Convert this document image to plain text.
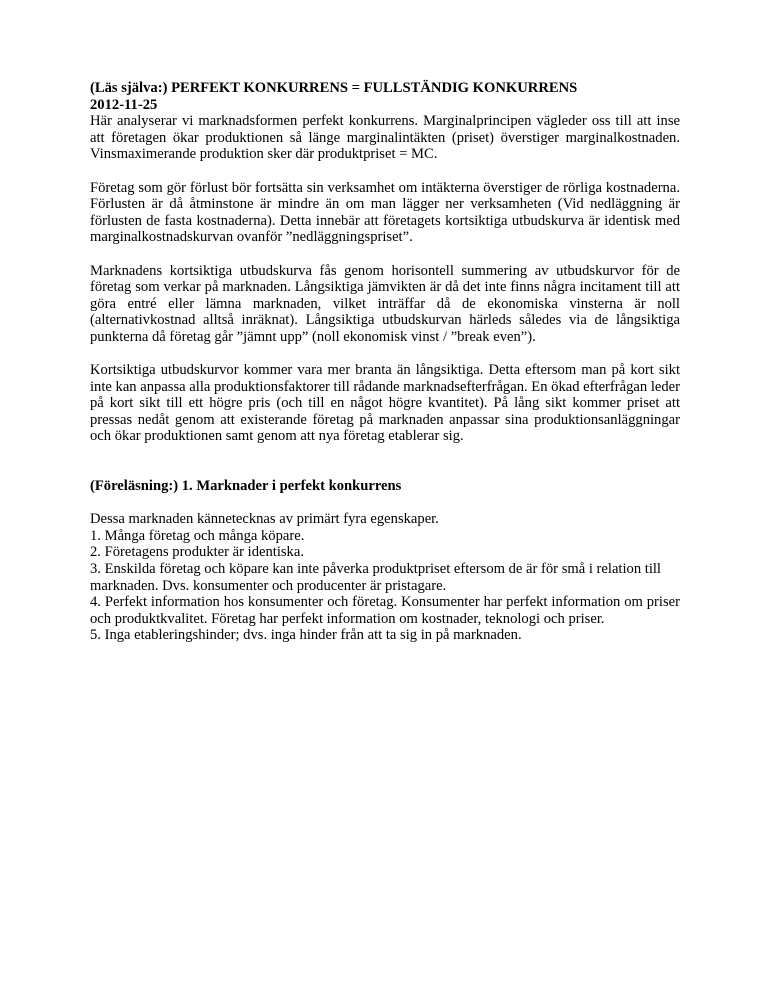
(Läs själva:) PERFEKT KONKURRENS = FULLSTÄNDIG KONKURRENS
2012-11-25

Här analyserar vi marknadsformen perfekt konkurrens. Marginalprincipen vägleder oss till att inse att företagen ökar produktionen så länge marginalintäkten (priset) överstiger marginalkostnaden. Vinsmaximerande produktion sker där produktpriset = MC.

Företag som gör förlust bör fortsätta sin verksamhet om intäkterna överstiger de rörliga kostnaderna. Förlusten är då åtminstone är mindre än om man lägger ner verksamheten (Vid nedläggning är förlusten de fasta kostnaderna). Detta innebär att företagets kortsiktiga utbudskurva är identisk med marginalkostnadskurvan ovanför ”nedläggningspriset”.

Marknadens kortsiktiga utbudskurva fås genom horisontell summering av utbudskurvor för de företag som verkar på marknaden. Långsiktiga jämvikten är då det inte finns några incitament till att göra entré eller lämna marknaden, vilket inträffar då de ekonomiska vinsterna är noll (alternativkostnad alltså inräknat). Långsiktiga utbudskurvan härleds således via de långsiktiga punkterna då företag går ”jämnt upp” (noll ekonomisk vinst / ”break even”).

Kortsiktiga utbudskurvor kommer vara mer branta än långsiktiga. Detta eftersom man på kort sikt inte kan anpassa alla produktionsfaktorer till rådande marknadsefterfrågan. En ökad efterfrågan leder på kort sikt till ett högre pris (och till en något högre kvantitet). På lång sikt kommer priset att pressas nedåt genom att existerande företag på marknaden anpassar sina produktionsanläggningar och ökar produktionen samt genom att nya företag etablerar sig.

(Föreläsning:) 1. Marknader i perfekt konkurrens

Dessa marknaden kännetecknas av primärt fyra egenskaper.

1. Många företag och många köpare.
2. Företagens produkter är identiska.
3. Enskilda företag och köpare kan inte påverka produktpriset eftersom de är för små i relation till marknaden. Dvs. konsumenter och producenter är pristagare.
4. Perfekt information hos konsumenter och företag. Konsumenter har perfekt information om priser och produktkvalitet. Företag har perfekt information om kostnader, teknologi och priser.
5. Inga etableringshinder; dvs. inga hinder från att ta sig in på marknaden.
